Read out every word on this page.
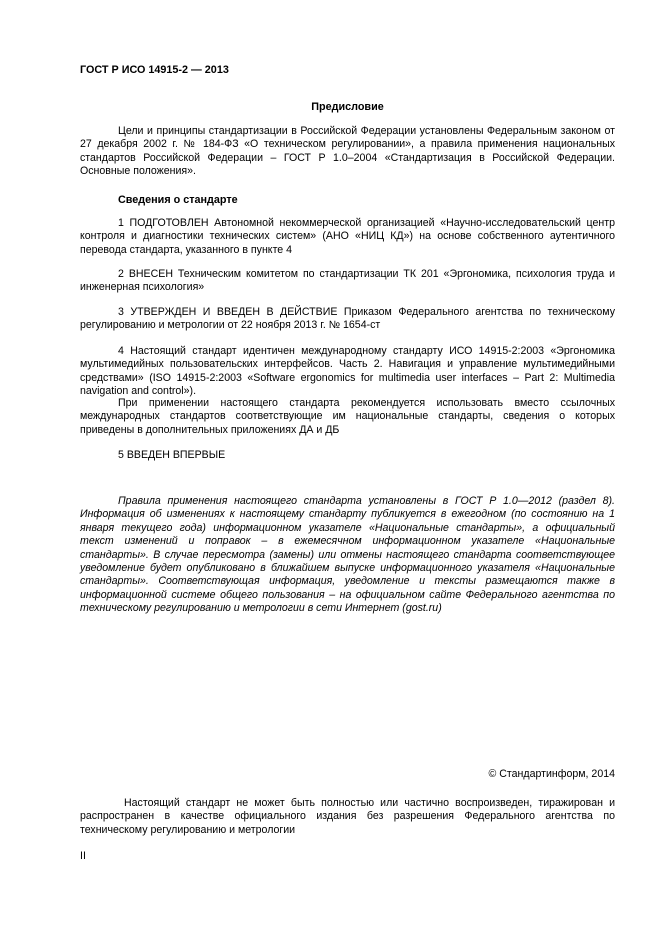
ГОСТ Р ИСО 14915-2 — 2013
Предисловие
Цели и принципы стандартизации в Российской Федерации установлены Федеральным законом от 27 декабря 2002 г. № 184-ФЗ «О техническом регулировании», а правила применения национальных стандартов Российской Федерации – ГОСТ Р 1.0–2004 «Стандартизация в Российской Федерации. Основные положения».
Сведения о стандарте
1 ПОДГОТОВЛЕН Автономной некоммерческой организацией «Научно-исследовательский центр контроля и диагностики технических систем» (АНО «НИЦ КД») на основе собственного аутентичного перевода стандарта, указанного в пункте 4
2 ВНЕСЕН Техническим комитетом по стандартизации ТК 201 «Эргономика, психология труда и инженерная психология»
3 УТВЕРЖДЕН И ВВЕДЕН В ДЕЙСТВИЕ Приказом Федерального агентства по техническому регулированию и метрологии от 22 ноября 2013 г. № 1654-ст
4 Настоящий стандарт идентичен международному стандарту ИСО 14915-2:2003 «Эргономика мультимедийных пользовательских интерфейсов. Часть 2. Навигация и управление мультимедийными средствами» (ISO 14915-2:2003 «Software ergonomics for multimedia user interfaces – Part 2: Multimedia navigation and control»).
При применении настоящего стандарта рекомендуется использовать вместо ссылочных международных стандартов соответствующие им национальные стандарты, сведения о которых приведены в дополнительных приложениях ДА и ДБ
5 ВВЕДЕН ВПЕРВЫЕ
Правила применения настоящего стандарта установлены в ГОСТ Р 1.0—2012 (раздел 8). Информация об изменениях к настоящему стандарту публикуется в ежегодном (по состоянию на 1 января текущего года) информационном указателе «Национальные стандарты», а официальный текст изменений и поправок – в ежемесячном информационном указателе «Национальные стандарты». В случае пересмотра (замены) или отмены настоящего стандарта соответствующее уведомление будет опубликовано в ближайшем выпуске информационного указателя «Национальные стандарты». Соответствующая информация, уведомление и тексты размещаются также в информационной системе общего пользования – на официальном сайте Федерального агентства по техническому регулированию и метрологии в сети Интернет (gost.ru)
© Стандартинформ, 2014
Настоящий стандарт не может быть полностью или частично воспроизведен, тиражирован и распространен в качестве официального издания без разрешения Федерального агентства по техническому регулированию и метрологии
II
